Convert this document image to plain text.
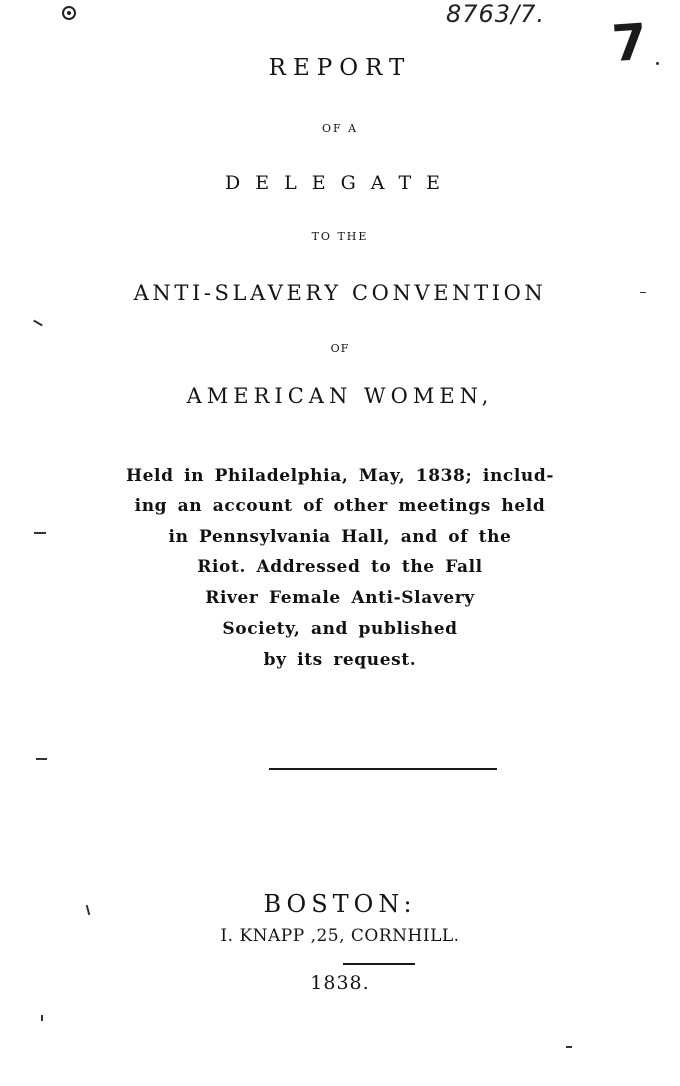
8763/7. 7
REPORT
OF A
DELEGATE
TO THE
ANTI-SLAVERY CONVENTION
OF
AMERICAN WOMEN,
Held in Philadelphia, May, 1838; includ-
ing an account of other meetings held
in Pennsylvania Hall, and of the
Riot. Addressed to the Fall
River Female Anti-Slavery
Society, and published
by its request.
BOSTON:
I. KNAPP ,25, CORNHILL.
1838.
